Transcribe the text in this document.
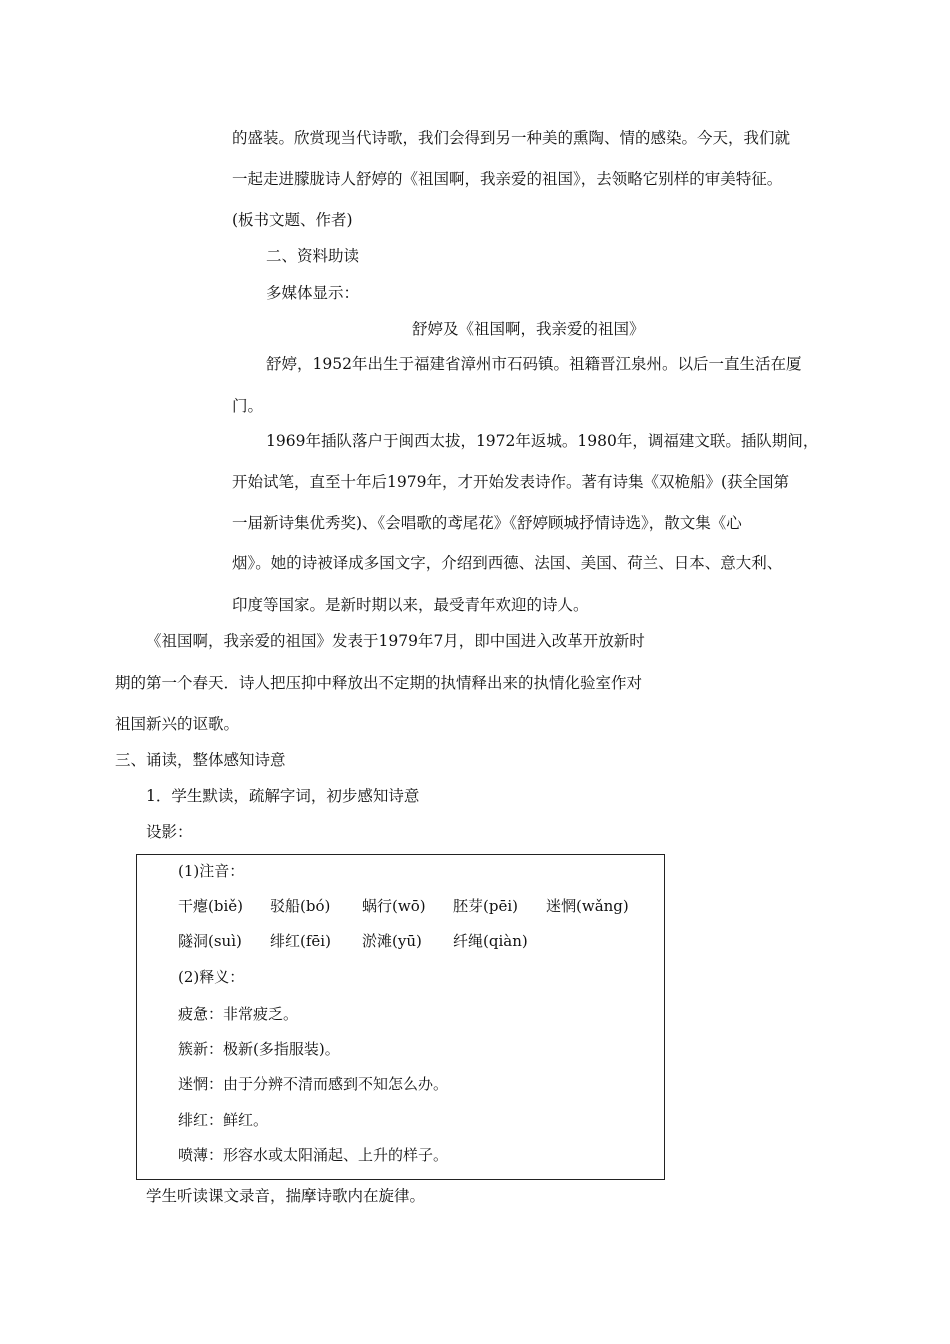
的盛装。欣赏现当代诗歌，我们会得到另一种美的熏陶、情的感染。今天，我们就
一起走进朦胧诗人舒婷的《祖国啊，我亲爱的祖国》，去领略它别样的审美特征。
(板书文题、作者)
二、资料助读
多媒体显示：
舒婷及《祖国啊，我亲爱的祖国》
舒婷，1952年出生于福建省漳州市石码镇。祖籍晋江泉州。以后一直生活在厦
门。
1969年插队落户于闽西太拔，1972年返城。1980年，调福建文联。插队期间，
开始试笔，直至十年后1979年，才开始发表诗作。著有诗集《双桅船》(获全国第
一届新诗集优秀奖)、《会唱歌的鸢尾花》《舒婷顾城抒情诗选》，散文集《心
烟》。她的诗被译成多国文字，介绍到西德、法国、美国、荷兰、日本、意大利、
印度等国家。是新时期以来，最受青年欢迎的诗人。
《祖国啊，我亲爱的祖国》发表于1979年7月，即中国进入改革开放新时
期的第一个春天．诗人把压抑中释放出不定期的执情释出来的执情化验室作对
祖国新兴的讴歌。
三、诵读，整体感知诗意
1．学生默读，疏解字词，初步感知诗意
设影：
(1)注音：
干瘪(biě) 驳船(bó) 蜗行(wō) 胚芽(pēi) 迷惘(wǎng)
隧洞(suì) 绯红(fēi) 淤滩(yū) 纤绳(qiàn)
(2)释义：
疲惫：非常疲乏。
簇新：极新(多指服装)。
迷惘：由于分辨不清而感到不知怎么办。
绯红：鲜红。
喷薄：形容水或太阳涌起、上升的样子。
学生听读课文录音，揣摩诗歌内在旋律。
